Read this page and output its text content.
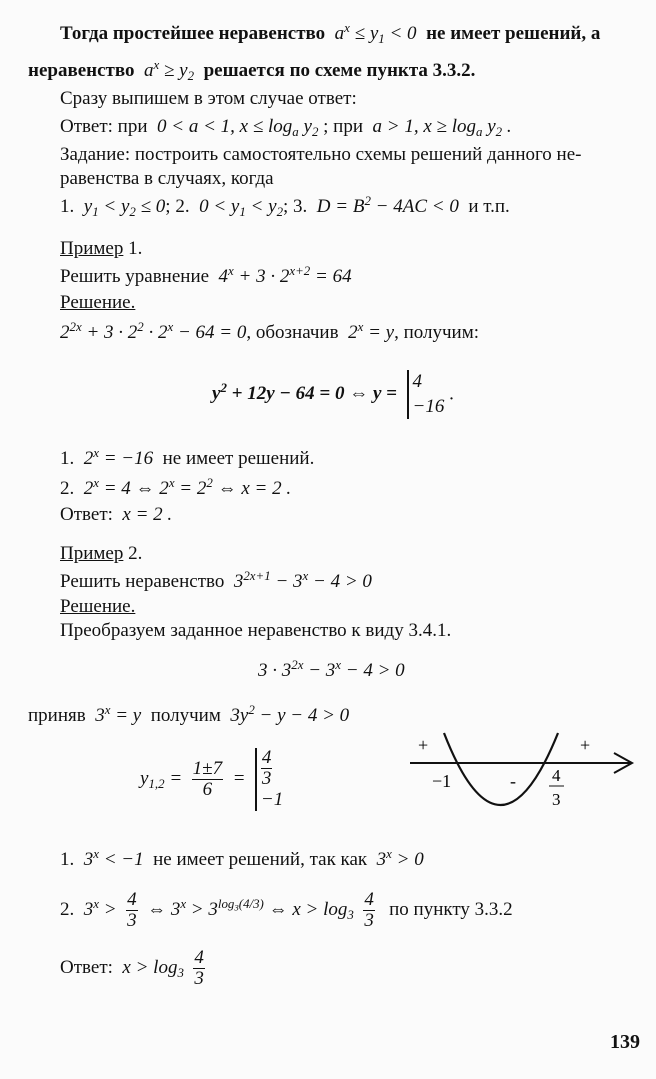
Тогда простейшее неравенство  $a^x \le y_1 < 0$  не имеет решений, а
неравенство  $a^x \ge y_2$ решается по схеме пункта 3.3.2.
Сразу выпишем в этом случае ответ:
Ответ: при  0 < a < 1, $x \le \log_a y_2$ ; при  a > 1, $x \ge \log_a y_2$ .
Задание: построить самостоятельно схемы решений данного не-
равенства в случаях, когда
1.  $y_1 < y_2 \le 0$; 2.  $0 < y_1 < y_2$; 3.  $D = B^2 - 4AC < 0$  и т.п.
Пример 1.
Решить уравнение  $4^x + 3 \cdot 2^{x+2} = 64$
Решение.
$2^{2x} + 3 \cdot 2^2 \cdot 2^x - 64 = 0$, обозначив  $2^x = y$, получим:
$y^2 + 12y - 64 = 0$ ⇔ y =  4
−16 .
1.  $2^x = -16$  не имеет решений.
2.  $2^x = 4$ ⇔ $2^x = 2^2$ ⇔ x = 2 .
Ответ:  x = 2 .
Пример 2.
Решить неравенство  $3^{2x+1} - 3^x - 4 > 0$
Решение.
Преобразуем заданное неравенство к виду 3.4.1.
$3 \cdot 3^{2x} - 3^x - 4 > 0$
приняв  $3^x = y$  получим  $3y^2 - y - 4 > 0$
$y_{1,2} = \frac{1\pm 7}{6} = \frac{4}{3}$

−1
+	+
-
−1	4
3
1.  $3^x < -1$  не имеет решений, так как  $3^x > 0$
2.  $3^x > \frac{4}{3}$ ⇔ $3^x > 3^{log_3(4/3)}$ ⇔ $x > \log_3 \frac{4}{3}$ по пункту 3.3.2
Ответ:  $x > \log_3 \frac{4}{3}$
139
